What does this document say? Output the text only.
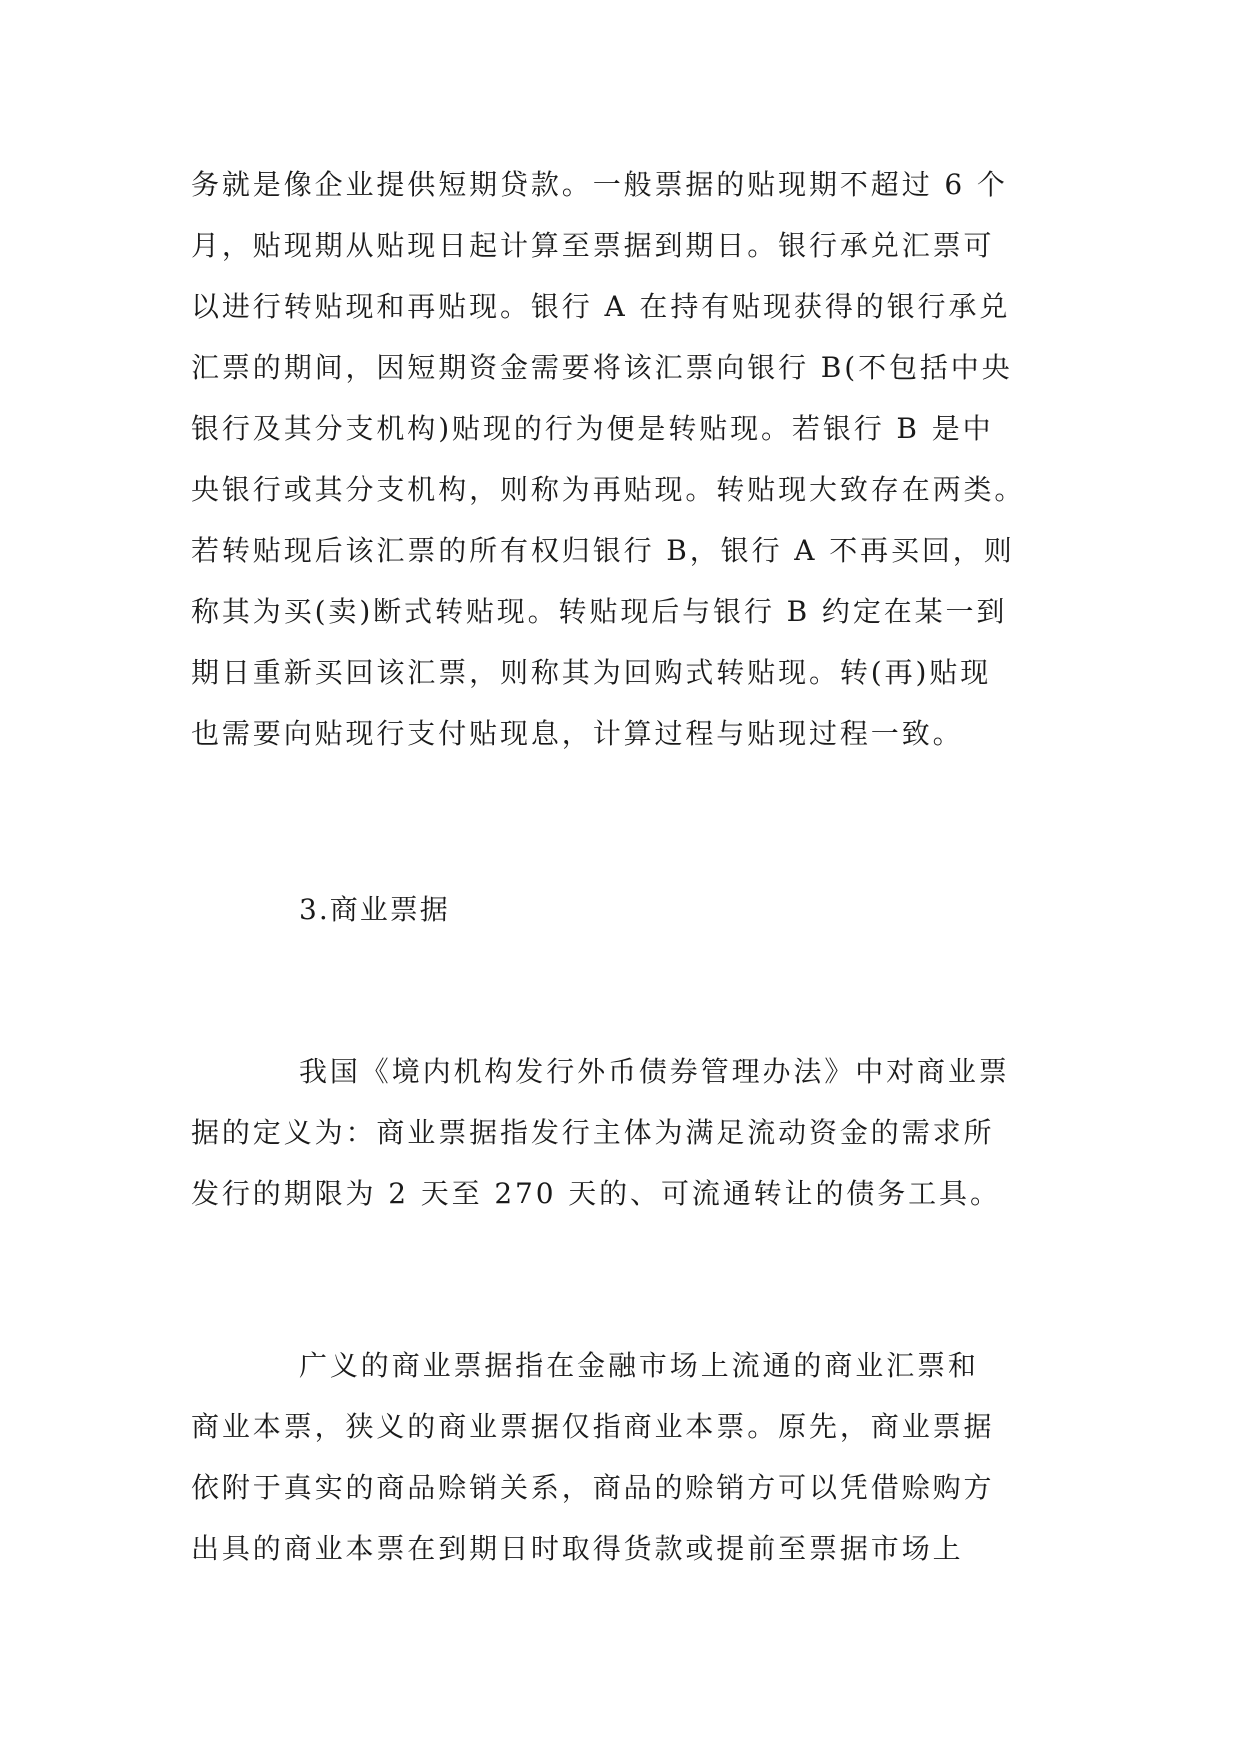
务就是像企业提供短期贷款。一般票据的贴现期不超过 6 个
月，贴现期从贴现日起计算至票据到期日。银行承兑汇票可
以进行转贴现和再贴现。银行 A 在持有贴现获得的银行承兑
汇票的期间，因短期资金需要将该汇票向银行 B(不包括中央
银行及其分支机构)贴现的行为便是转贴现。若银行 B 是中
央银行或其分支机构，则称为再贴现。转贴现大致存在两类。
若转贴现后该汇票的所有权归银行 B，银行 A 不再买回，则
称其为买(卖)断式转贴现。转贴现后与银行 B 约定在某一到
期日重新买回该汇票，则称其为回购式转贴现。转(再)贴现
也需要向贴现行支付贴现息，计算过程与贴现过程一致。
3.商业票据
我国《境内机构发行外币债券管理办法》中对商业票
据的定义为：商业票据指发行主体为满足流动资金的需求所
发行的期限为 2 天至 270 天的、可流通转让的债务工具。
广义的商业票据指在金融市场上流通的商业汇票和
商业本票，狭义的商业票据仅指商业本票。原先，商业票据
依附于真实的商品赊销关系，商品的赊销方可以凭借赊购方
出具的商业本票在到期日时取得货款或提前至票据市场上
